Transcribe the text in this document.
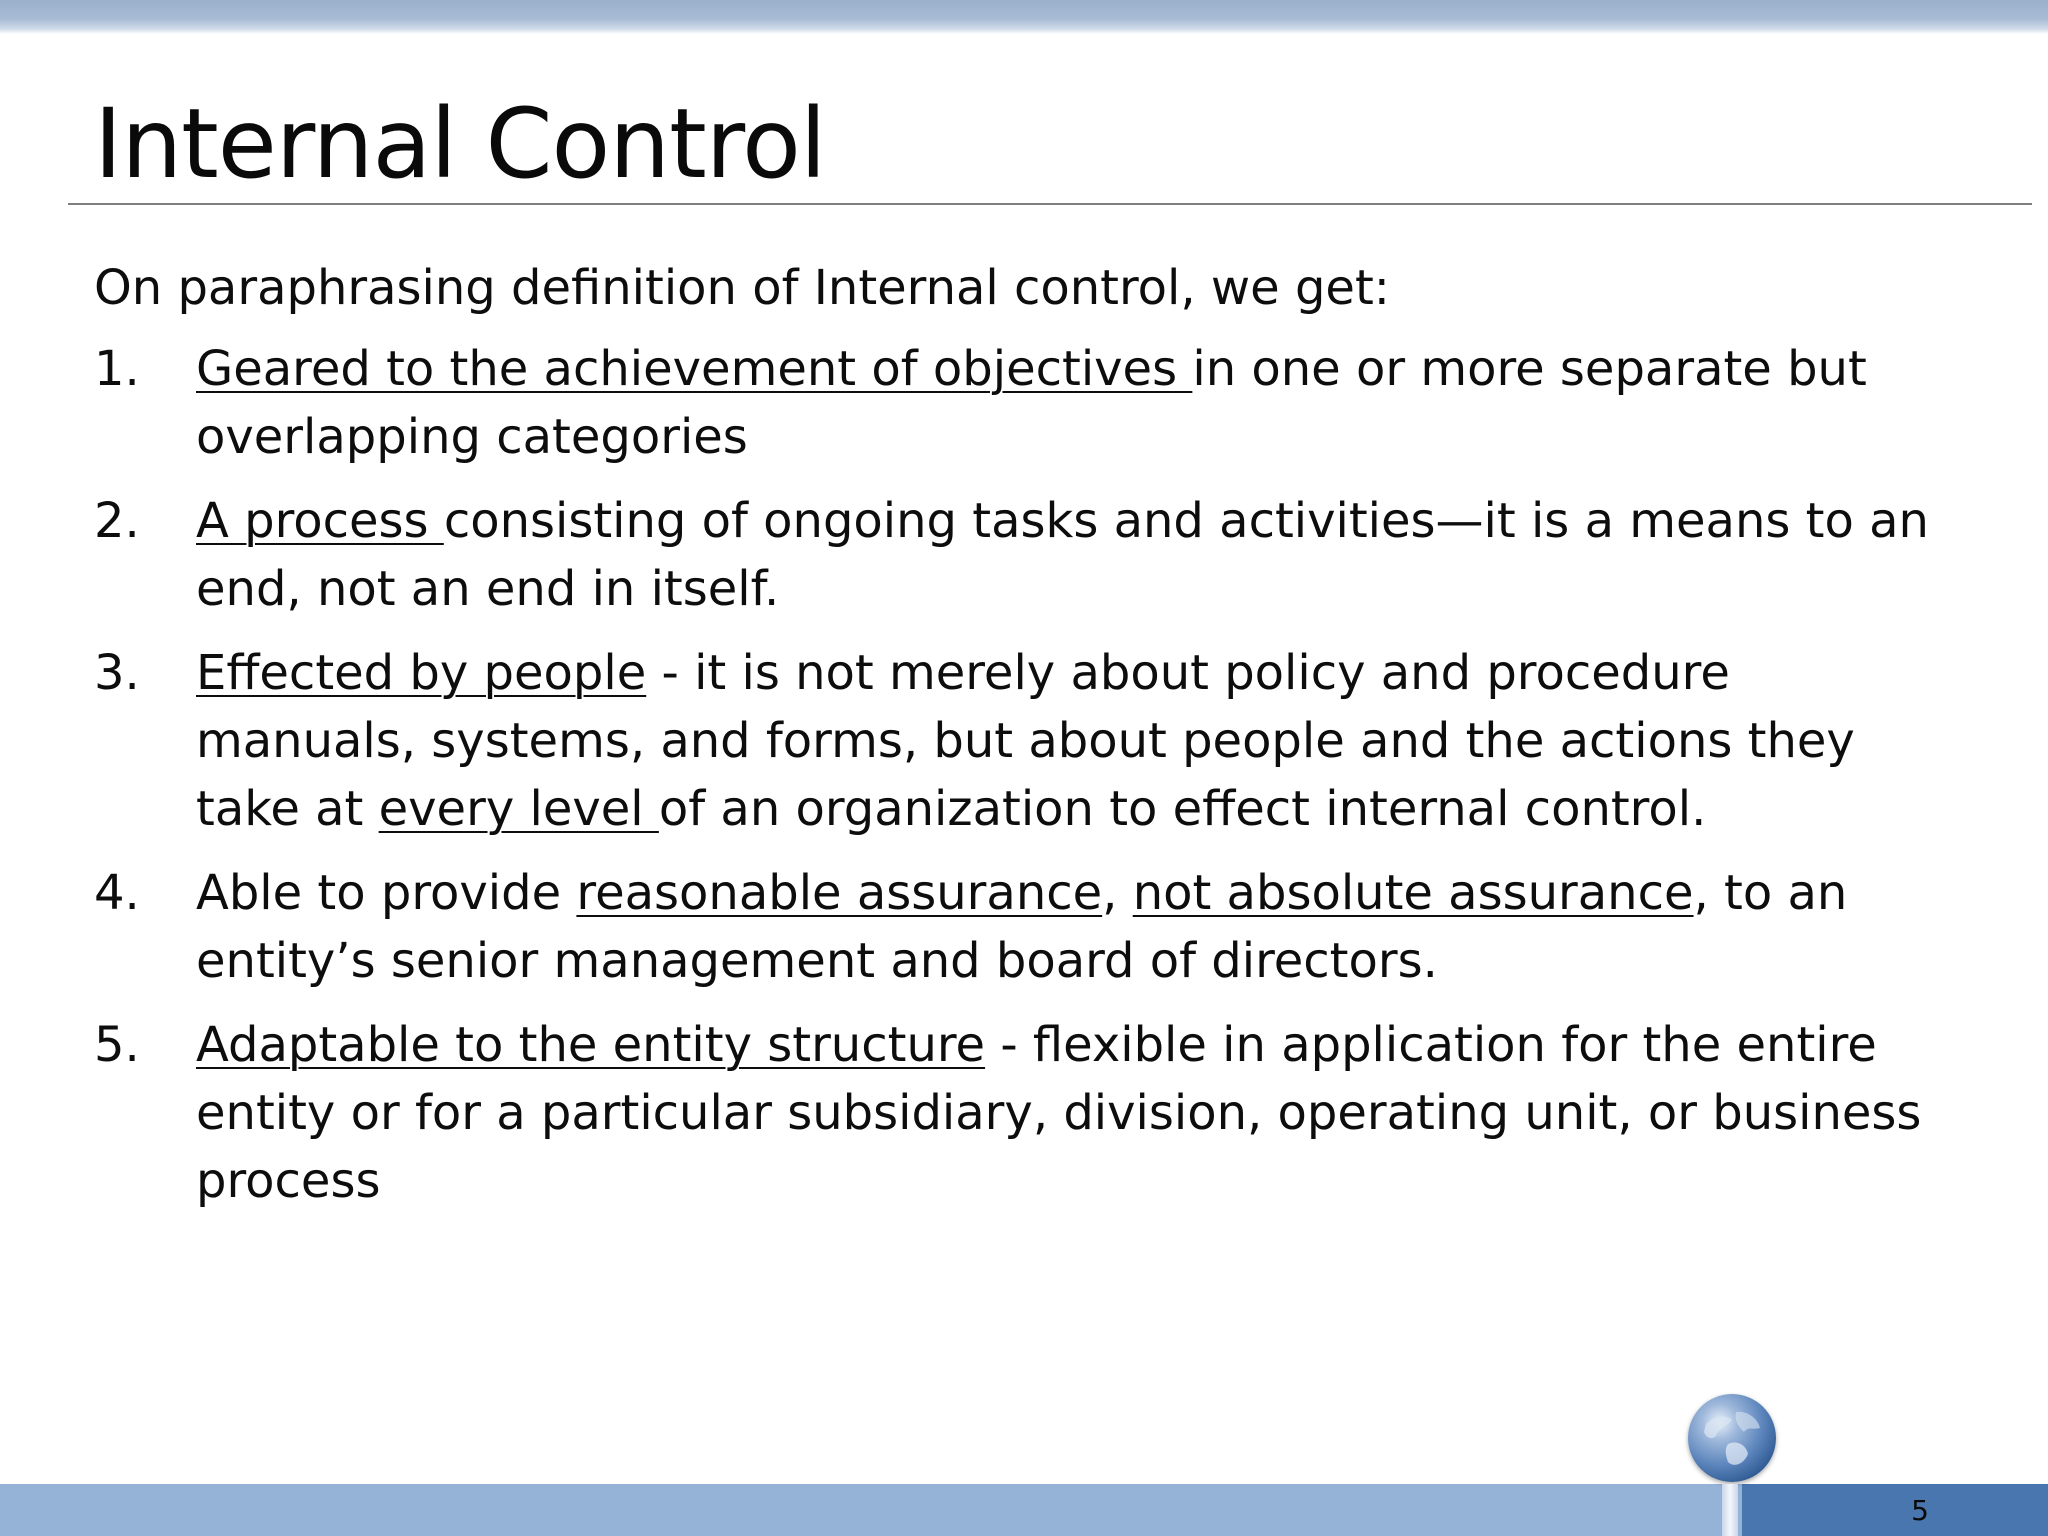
Internal Control

On paraphrasing definition of Internal control, we get:

1.	Geared to the achievement of objectives in one or more separate but overlapping categories
2.	A process consisting of ongoing tasks and activities—it is a means to an end, not an end in itself.
3.	Effected by people - it is not merely about policy and procedure manuals, systems, and forms, but about people and the actions they take at every level of an organization to effect internal control.
4.	Able to provide reasonable assurance, not absolute assurance, to an entity’s senior management and board of directors.
5.	Adaptable to the entity structure - flexible in application for the entire entity or for a particular subsidiary, division, operating unit, or business process
5
